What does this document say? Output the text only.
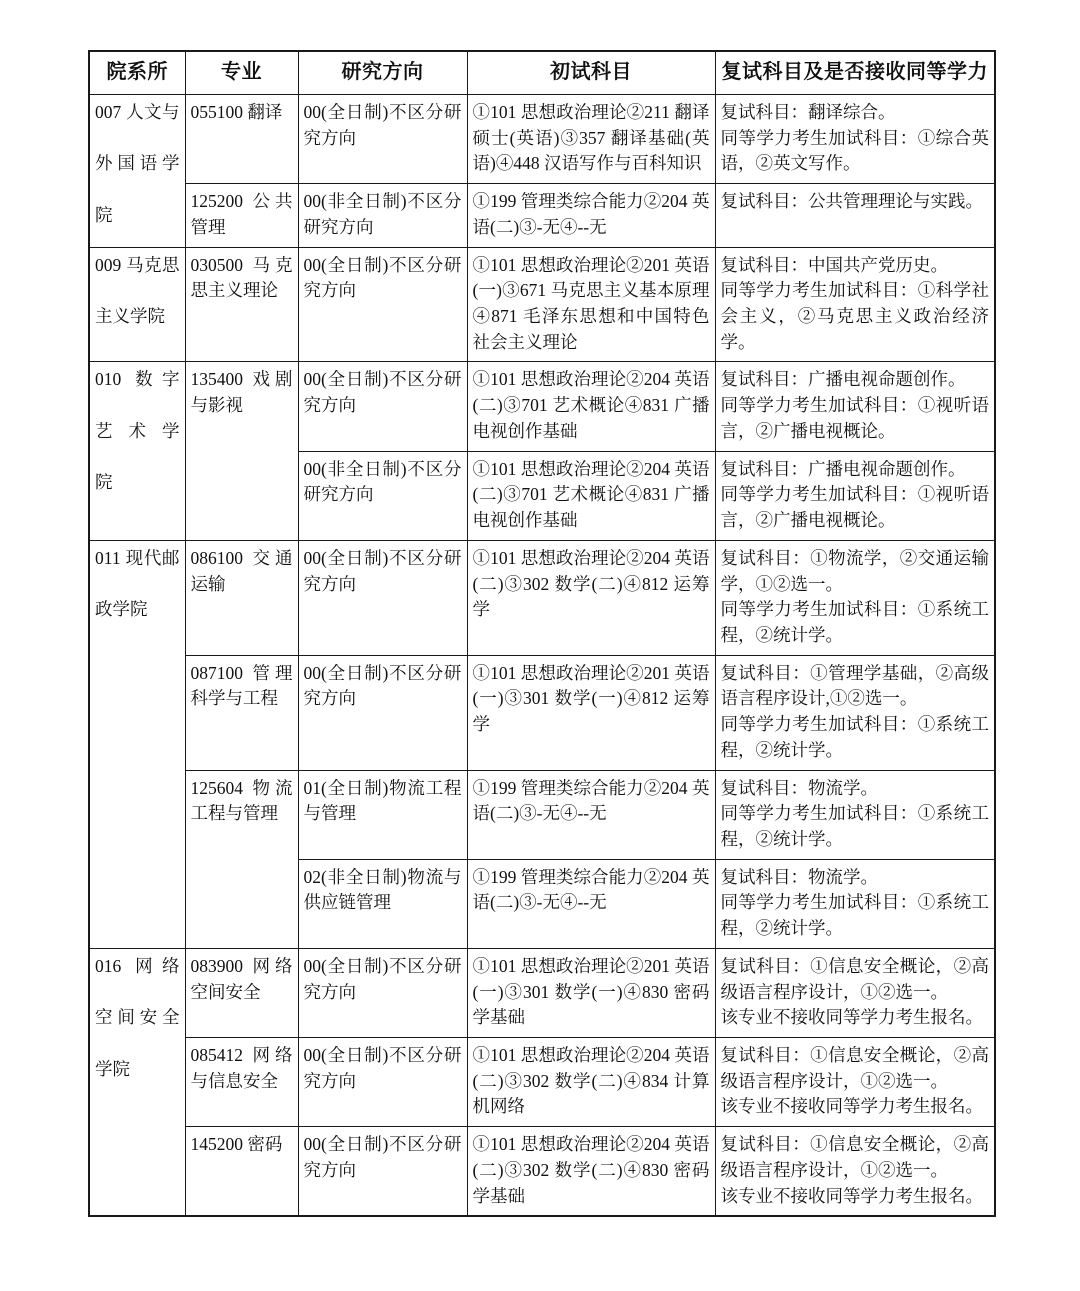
院系所	专业	研究方向	初试科目	复试科目及是否接收同等学力

007 人文与
外国语学
院	055100 翻译	00(全日制)不区分研究方向	①101 思想政治理论②211 翻译硕士(英语)③357 翻译基础(英语)④448 汉语写作与百科知识	复试科目：翻译综合。
同等学力考生加试科目：①综合英语，②英文写作。

	125200 公共管理	00(非全日制)不区分研究方向	①199 管理类综合能力②204 英语(二)③-无④--无	复试科目：公共管理理论与实践。

009 马克思
主义学院	030500 马克思主义理论	00(全日制)不区分研究方向	①101 思想政治理论②201 英语(一)③671 马克思主义基本原理④871 毛泽东思想和中国特色社会主义理论	复试科目：中国共产党历史。
同等学力考生加试科目：①科学社会主义，②马克思主义政治经济学。

010 数字
艺术学
院	135400 戏剧与影视	00(全日制)不区分研究方向	①101 思想政治理论②204 英语(二)③701 艺术概论④831 广播电视创作基础	复试科目：广播电视命题创作。
同等学力考生加试科目：①视听语言，②广播电视概论。

		00(非全日制)不区分研究方向	①101 思想政治理论②204 英语(二)③701 艺术概论④831 广播电视创作基础	复试科目：广播电视命题创作。
同等学力考生加试科目：①视听语言，②广播电视概论。

011 现代邮
政学院	086100 交通运输	00(全日制)不区分研究方向	①101 思想政治理论②204 英语(二)③302 数学(二)④812 运筹学	复试科目：①物流学，②交通运输学，①②选一。
同等学力考生加试科目：①系统工程，②统计学。

	087100 管理科学与工程	00(全日制)不区分研究方向	①101 思想政治理论②201 英语(一)③301 数学(一)④812 运筹学	复试科目：①管理学基础，②高级语言程序设计,①②选一。
同等学力考生加试科目：①系统工程，②统计学。

	125604 物流工程与管理	01(全日制)物流工程与管理	①199 管理类综合能力②204 英语(二)③-无④--无	复试科目：物流学。
同等学力考生加试科目：①系统工程，②统计学。

		02(非全日制)物流与供应链管理	①199 管理类综合能力②204 英语(二)③-无④--无	复试科目：物流学。
同等学力考生加试科目：①系统工程，②统计学。

016 网络
空间安全
学院	083900 网络空间安全	00(全日制)不区分研究方向	①101 思想政治理论②201 英语(一)③301 数学(一)④830 密码学基础	复试科目：①信息安全概论，②高级语言程序设计，①②选一。
该专业不接收同等学力考生报名。

	085412 网络与信息安全	00(全日制)不区分研究方向	①101 思想政治理论②204 英语(二)③302 数学(二)④834 计算机网络	复试科目：①信息安全概论，②高级语言程序设计，①②选一。
该专业不接收同等学力考生报名。

	145200 密码	00(全日制)不区分研究方向	①101 思想政治理论②204 英语(二)③302 数学(二)④830 密码学基础	复试科目：①信息安全概论，②高级语言程序设计，①②选一。
该专业不接收同等学力考生报名。
